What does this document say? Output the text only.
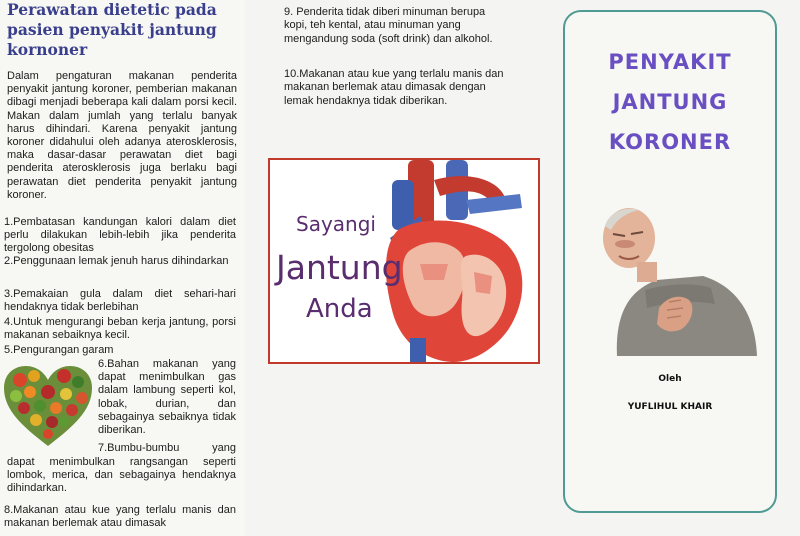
Perawatan dietetic pada pasien penyakit jantung kornoner
Dalam pengaturan makanan penderita penyakit jantung koroner, pemberian makanan dibagi menjadi beberapa kali dalam porsi kecil. Makan dalam jumlah yang terlalu banyak harus dihindari. Karena penyakit jantung koroner didahului oleh adanya aterosklerosis, maka dasar-dasar perawatan diet bagi penderita aterosklerosis juga berlaku bagi perawatan diet penderita penyakit jantung koroner.
1.Pembatasan kandungan kalori dalam diet perlu dilakukan lebih-lebih jika penderita tergolong obesitas
2.Penggunaan lemak jenuh harus dihindarkan
3.Pemakaian gula dalam diet sehari-hari hendaknya tidak berlebihan
4.Untuk mengurangi beban kerja jantung, porsi makanan sebaiknya kecil.
5.Pengurangan garam
6.Bahan makanan yang dapat menimbulkan gas dalam lambung seperti kol, lobak, durian, dan sebagainya sebaiknya tidak diberikan.
7.Bumbu-bumbu yang
dapat menimbulkan rangsangan seperti lombok, merica, dan sebagainya hendaknya dihindarkan.
8.Makanan atau kue yang terlalu manis dan makanan berlemak atau dimasak
9. Penderita tidak diberi minuman berupa kopi, teh kental, atau minuman yang mengandung soda (soft drink) dan alkohol.
10.Makanan atau kue yang terlalu manis dan makanan berlemak atau dimasak dengan lemak hendaknya tidak diberikan.
Sayangi
Jantung
Anda
PENYAKIT
JANTUNG
KORONER
Oleh
YUFLIHUL KHAIR
